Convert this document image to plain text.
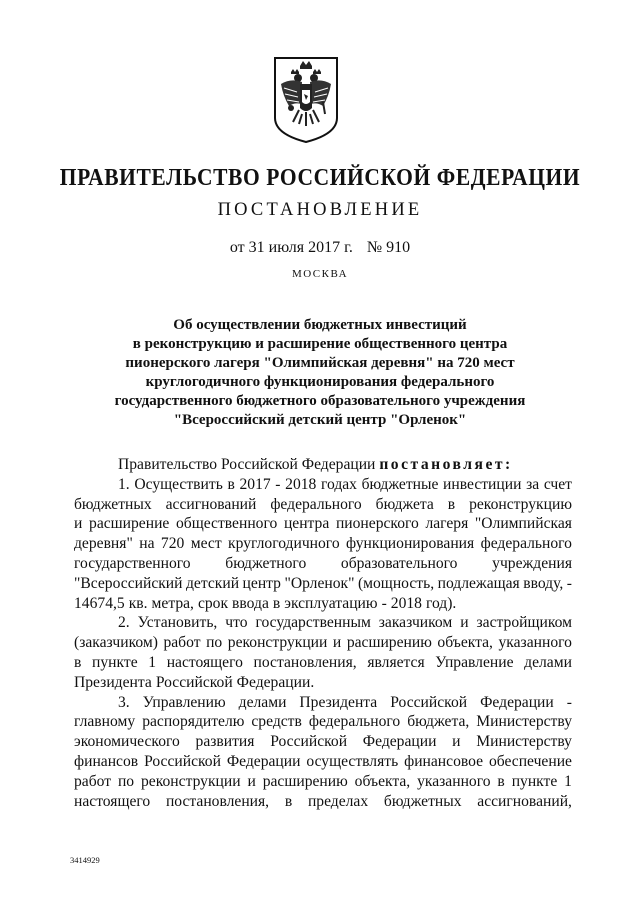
ПРАВИТЕЛЬСТВО РОССИЙСКОЙ ФЕДЕРАЦИИ
ПОСТАНОВЛЕНИЕ
от 31 июля 2017 г. № 910
МОСКВА
Об осуществлении бюджетных инвестиций
в реконструкцию и расширение общественного центра
пионерского лагеря "Олимпийская деревня" на 720 мест
круглогодичного функционирования федерального
государственного бюджетного образовательного учреждения
"Всероссийский детский центр "Орленок"
Правительство Российской Федерации
постановляет:
1. Осуществить в 2017 - 2018 годах бюджетные инвестиции за счет
бюджетных ассигнований федерального бюджета в реконструкцию
и расширение общественного центра пионерского лагеря "Олимпийская
деревня" на 720 мест круглогодичного функционирования федерального
государственного бюджетного образовательного учреждения
"Всероссийский детский центр "Орленок" (мощность, подлежащая вводу, -
14674,5 кв. метра, срок ввода в эксплуатацию - 2018 год).
2. Установить, что государственным заказчиком и застройщиком
(заказчиком) работ по реконструкции и расширению объекта, указанного
в пункте 1 настоящего постановления, является Управление делами
Президента Российской Федерации.
3. Управлению делами Президента Российской Федерации -
главному распорядителю средств федерального бюджета, Министерству
экономического развития Российской Федерации и Министерству
финансов Российской Федерации осуществлять финансовое обеспечение
работ по реконструкции и расширению объекта, указанного в пункте 1
настоящего постановления, в пределах бюджетных ассигнований,
3414929
